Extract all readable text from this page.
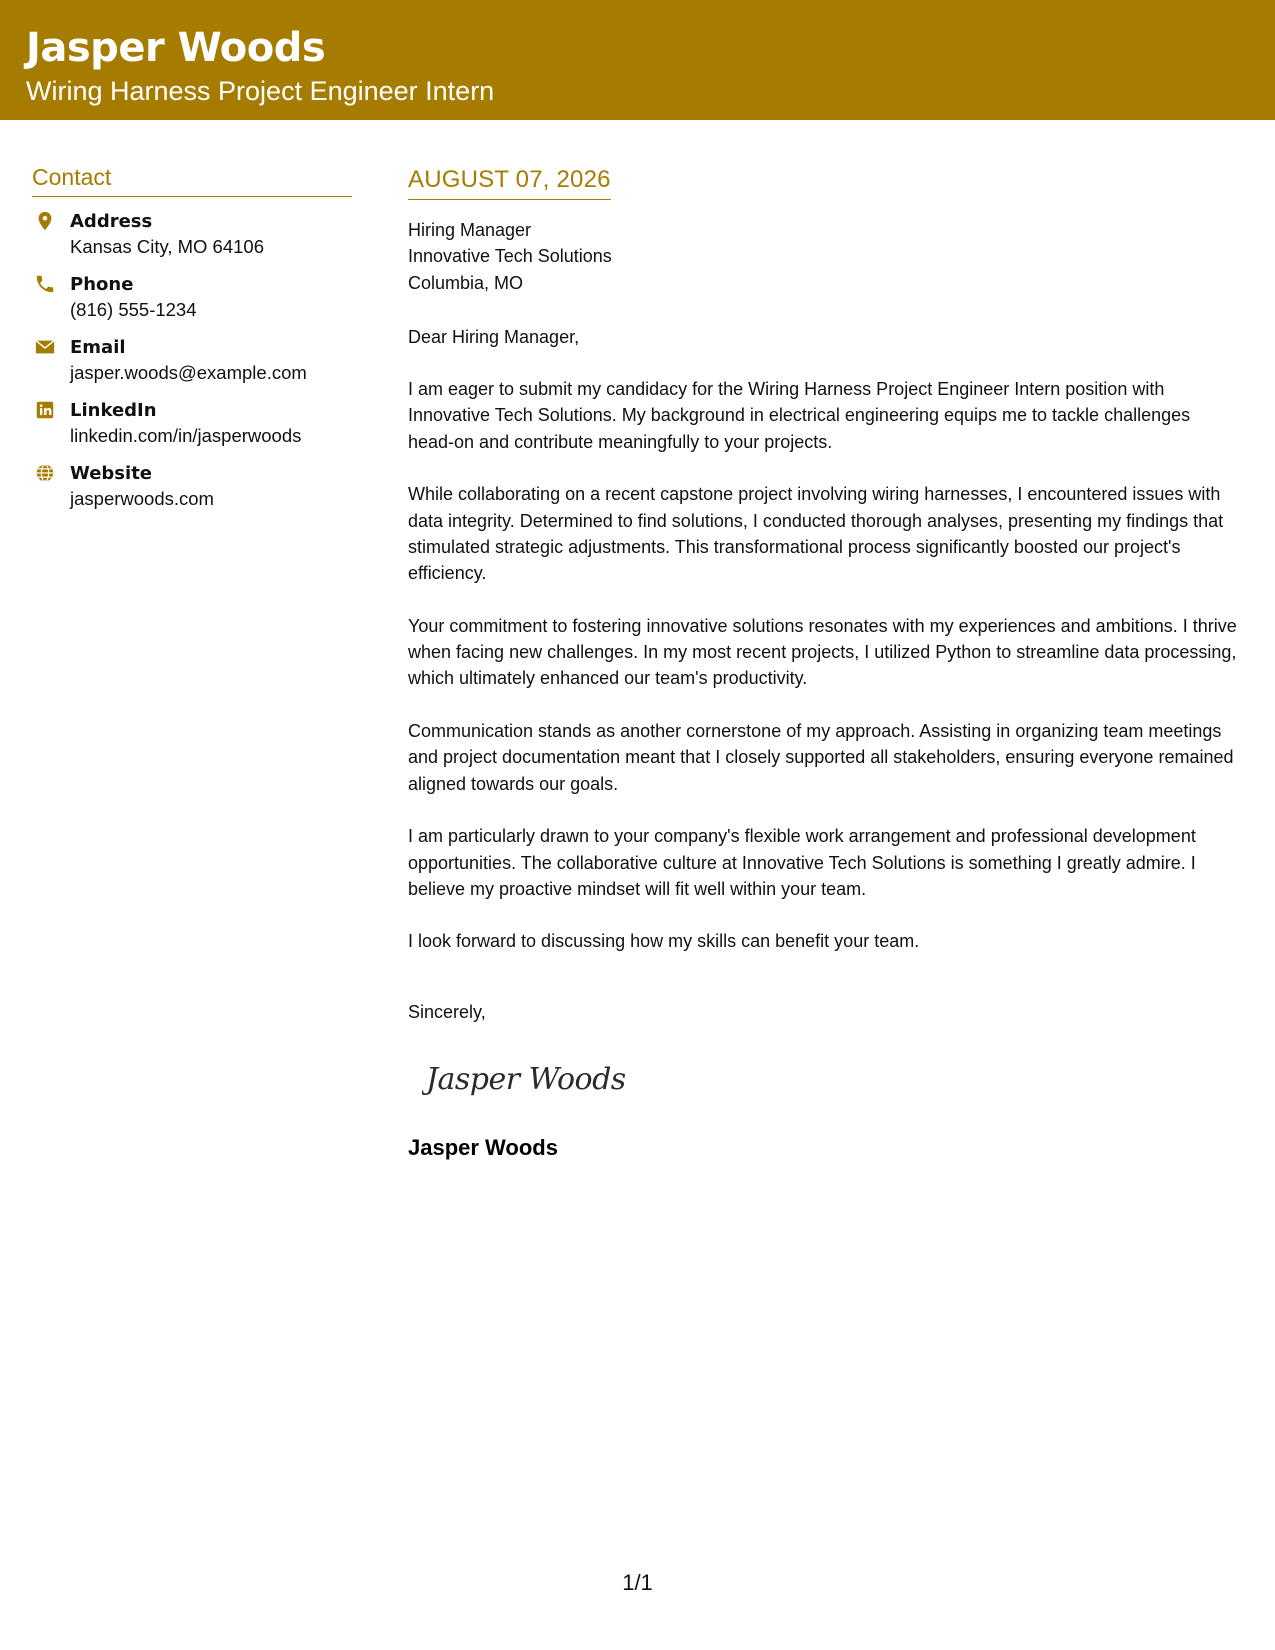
Jasper Woods
Wiring Harness Project Engineer Intern
Contact
Address
Kansas City, MO 64106
Phone
(816) 555-1234
Email
jasper.woods@example.com
LinkedIn
linkedin.com/in/jasperwoods
Website
jasperwoods.com
AUGUST 07, 2026
Hiring Manager
Innovative Tech Solutions
Columbia, MO
Dear Hiring Manager,

I am eager to submit my candidacy for the Wiring Harness Project Engineer Intern position with Innovative Tech Solutions. My background in electrical engineering equips me to tackle challenges head-on and contribute meaningfully to your projects.

While collaborating on a recent capstone project involving wiring harnesses, I encountered issues with data integrity. Determined to find solutions, I conducted thorough analyses, presenting my findings that stimulated strategic adjustments. This transformational process significantly boosted our project's efficiency.

Your commitment to fostering innovative solutions resonates with my experiences and ambitions. I thrive when facing new challenges. In my most recent projects, I utilized Python to streamline data processing, which ultimately enhanced our team's productivity.

Communication stands as another cornerstone of my approach. Assisting in organizing team meetings and project documentation meant that I closely supported all stakeholders, ensuring everyone remained aligned towards our goals.

I am particularly drawn to your company's flexible work arrangement and professional development opportunities. The collaborative culture at Innovative Tech Solutions is something I greatly admire. I believe my proactive mindset will fit well within your team.

I look forward to discussing how my skills can benefit your team.

Sincerely,
Jasper Woods
Jasper Woods
1/1
